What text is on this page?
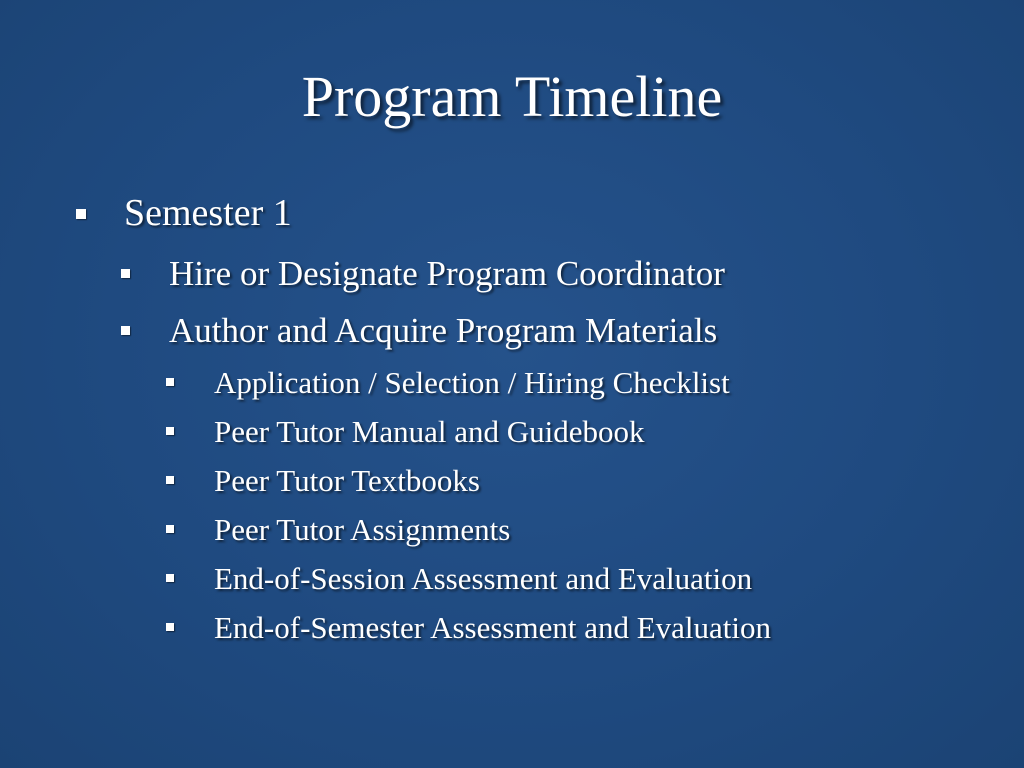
Program Timeline
Semester 1
Hire or Designate Program Coordinator
Author and Acquire Program Materials
Application / Selection / Hiring Checklist
Peer Tutor Manual and Guidebook
Peer Tutor Textbooks
Peer Tutor Assignments
End-of-Session Assessment and Evaluation
End-of-Semester Assessment and Evaluation
